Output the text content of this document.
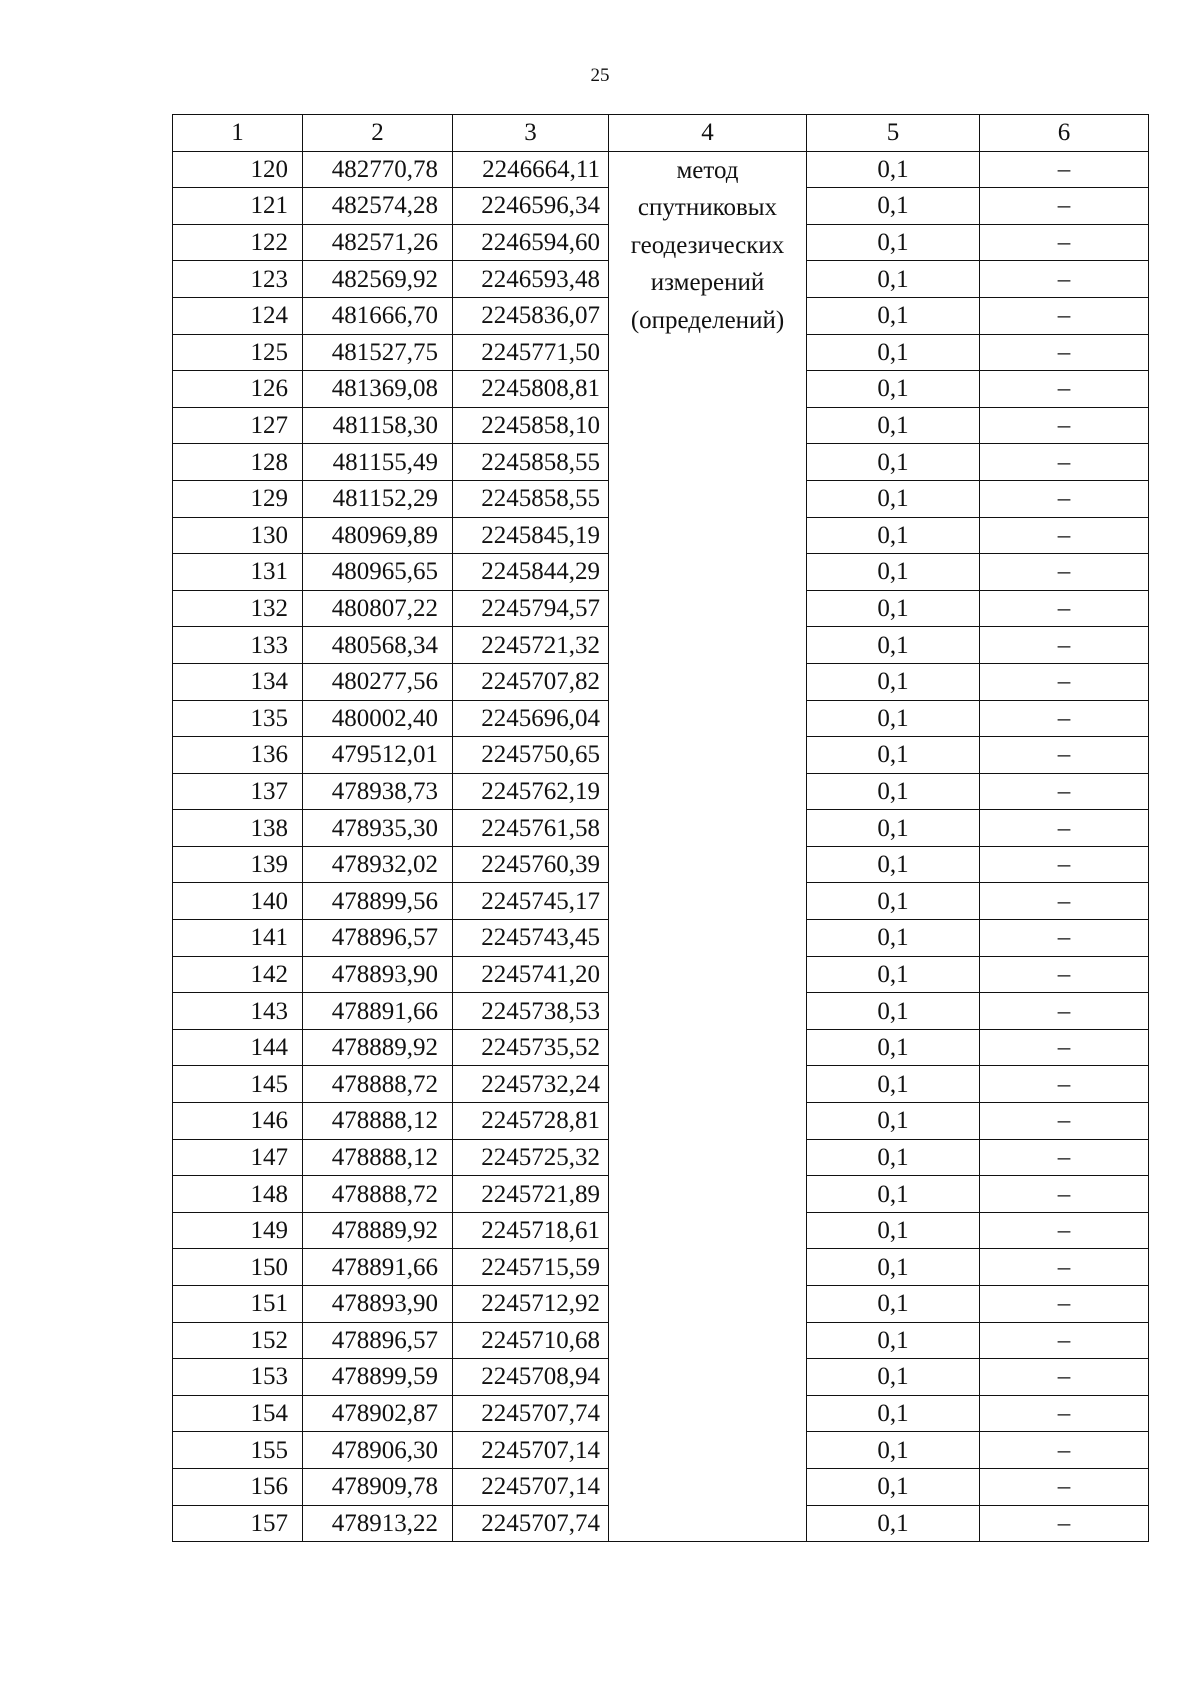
25
1	2	3	4	5	6
120	482770,78	2246664,11	метод
спутниковых
геодезических
измерений
(определений)	0,1	–
121	482574,28	2246596,34		0,1	–
122	482571,26	2246594,60		0,1	–
123	482569,92	2246593,48		0,1	–
124	481666,70	2245836,07		0,1	–
125	481527,75	2245771,50		0,1	–
126	481369,08	2245808,81		0,1	–
127	481158,30	2245858,10		0,1	–
128	481155,49	2245858,55		0,1	–
129	481152,29	2245858,55		0,1	–
130	480969,89	2245845,19		0,1	–
131	480965,65	2245844,29		0,1	–
132	480807,22	2245794,57		0,1	–
133	480568,34	2245721,32		0,1	–
134	480277,56	2245707,82		0,1	–
135	480002,40	2245696,04		0,1	–
136	479512,01	2245750,65		0,1	–
137	478938,73	2245762,19		0,1	–
138	478935,30	2245761,58		0,1	–
139	478932,02	2245760,39		0,1	–
140	478899,56	2245745,17		0,1	–
141	478896,57	2245743,45		0,1	–
142	478893,90	2245741,20		0,1	–
143	478891,66	2245738,53		0,1	–
144	478889,92	2245735,52		0,1	–
145	478888,72	2245732,24		0,1	–
146	478888,12	2245728,81		0,1	–
147	478888,12	2245725,32		0,1	–
148	478888,72	2245721,89		0,1	–
149	478889,92	2245718,61		0,1	–
150	478891,66	2245715,59		0,1	–
151	478893,90	2245712,92		0,1	–
152	478896,57	2245710,68		0,1	–
153	478899,59	2245708,94		0,1	–
154	478902,87	2245707,74		0,1	–
155	478906,30	2245707,14		0,1	–
156	478909,78	2245707,14		0,1	–
157	478913,22	2245707,74		0,1	–
